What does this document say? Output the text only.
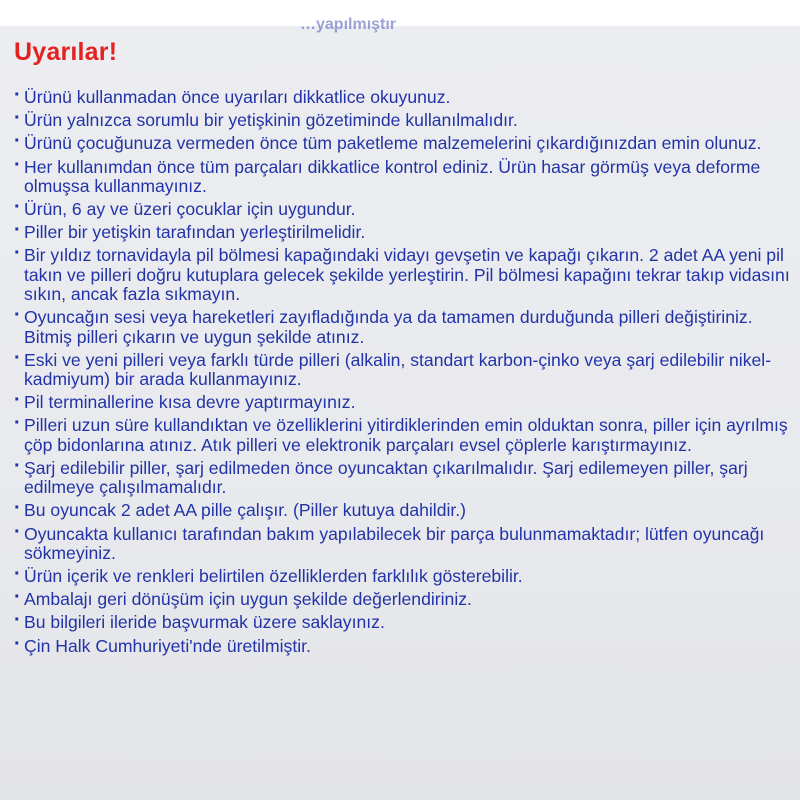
…yapılmıştır
Uyarılar!
· Ürünü kullanmadan önce uyarıları dikkatlice okuyunuz.
· Ürün yalnızca sorumlu bir yetişkinin gözetiminde kullanılmalıdır.
· Ürünü çocuğunuza vermeden önce tüm paketleme malzemelerini çıkardığınızdan emin olunuz.
· Her kullanımdan önce tüm parçaları dikkatlice kontrol ediniz. Ürün hasar görmüş veya deforme olmuşsa kullanmayınız.
· Ürün, 6 ay ve üzeri çocuklar için uygundur.
· Piller bir yetişkin tarafından yerleştirilmelidir.
· Bir yıldız tornavidayla pil bölmesi kapağındaki vidayı gevşetin ve kapağı çıkarın. 2 adet AA yeni pil takın ve pilleri doğru kutuplara gelecek şekilde yerleştirin. Pil bölmesi kapağını tekrar takıp vidasını sıkın, ancak fazla sıkmayın.
· Oyuncağın sesi veya hareketleri zayıfladığında ya da tamamen durduğunda pilleri değiştiriniz. Bitmiş pilleri çıkarın ve uygun şekilde atınız.
· Eski ve yeni pilleri veya farklı türde pilleri (alkalin, standart karbon-çinko veya şarj edilebilir nikel-kadmiyum) bir arada kullanmayınız.
· Pil terminallerine kısa devre yaptırmayınız.
· Pilleri uzun süre kullandıktan ve özelliklerini yitirdiklerinden emin olduktan sonra, piller için ayrılmış çöp bidonlarına atınız. Atık pilleri ve elektronik parçaları evsel çöplerle karıştırmayınız.
· Şarj edilebilir piller, şarj edilmeden önce oyuncaktan çıkarılmalıdır. Şarj edilemeyen piller, şarj edilmeye çalışılmamalıdır.
· Bu oyuncak 2 adet AA pille çalışır. (Piller kutuya dahildir.)
· Oyuncakta kullanıcı tarafından bakım yapılabilecek bir parça bulunmamaktadır; lütfen oyuncağı sökmeyiniz.
· Ürün içerik ve renkleri belirtilen özelliklerden farklılık gösterebilir.
· Ambalajı geri dönüşüm için uygun şekilde değerlendiriniz.
· Bu bilgileri ileride başvurmak üzere saklayınız.
· Çin Halk Cumhuriyeti'nde üretilmiştir.
